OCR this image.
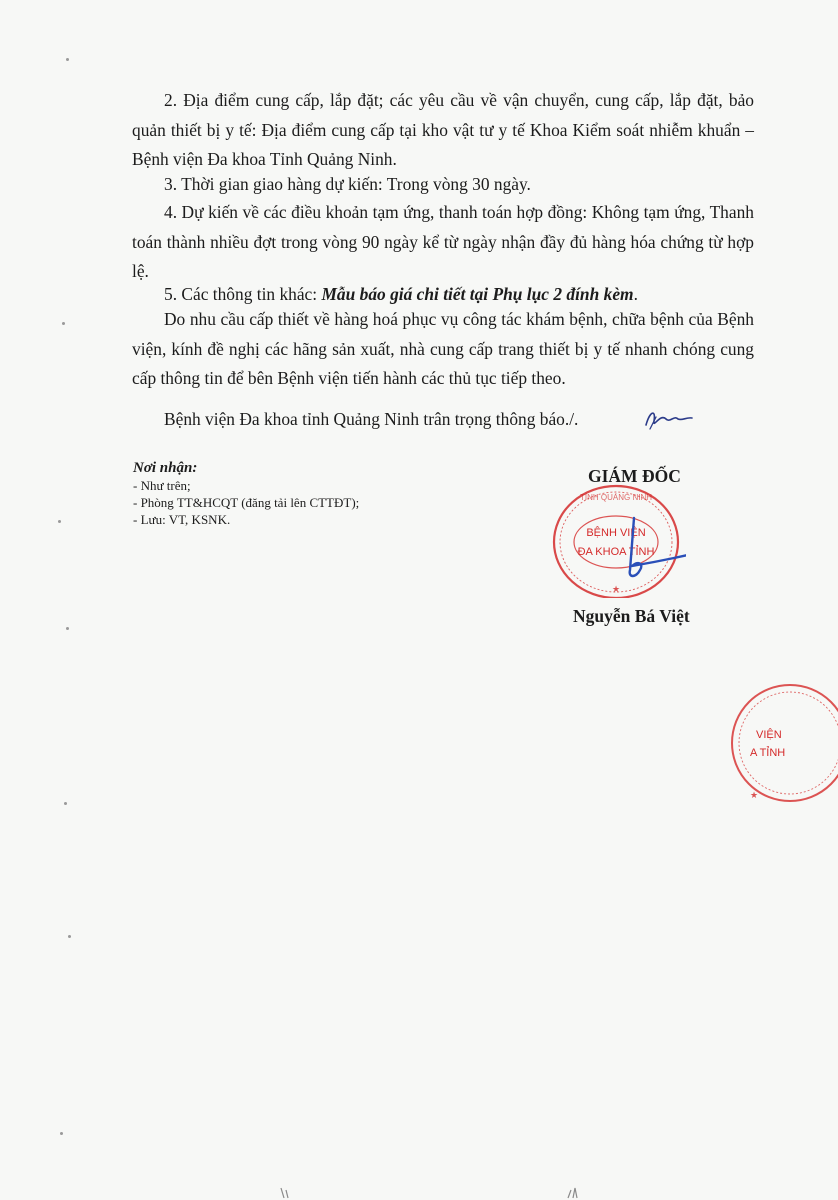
2. Địa điểm cung cấp, lắp đặt; các yêu cầu về vận chuyển, cung cấp, lắp đặt, bảo quản thiết bị y tế: Địa điểm cung cấp tại kho vật tư y tế Khoa Kiểm soát nhiễm khuẩn – Bệnh viện Đa khoa Tỉnh Quảng Ninh.

3. Thời gian giao hàng dự kiến: Trong vòng 30 ngày.

4. Dự kiến về các điều khoản tạm ứng, thanh toán hợp đồng: Không tạm ứng, Thanh toán thành nhiều đợt trong vòng 90 ngày kể từ ngày nhận đầy đủ hàng hóa chứng từ hợp lệ.

5. Các thông tin khác: Mẫu báo giá chi tiết tại Phụ lục 2 đính kèm.

Do nhu cầu cấp thiết về hàng hoá phục vụ công tác khám bệnh, chữa bệnh của Bệnh viện, kính đề nghị các hãng sản xuất, nhà cung cấp trang thiết bị y tế nhanh chóng cung cấp thông tin để bên Bệnh viện tiến hành các thủ tục tiếp theo.

Bệnh viện Đa khoa tỉnh Quảng Ninh trân trọng thông báo./.

Nơi nhận:

- Như trên;

- Phòng TT&HCQT (đăng tải lên CTTĐT);

- Lưu: VT, KSNK.

GIÁM ĐỐC

TỈNH QUẢNG NINH
BỆNH VIỆN
ĐA KHOA TỈNH
★

Nguyễn Bá Việt

VIỆN
A TỈNH
★
